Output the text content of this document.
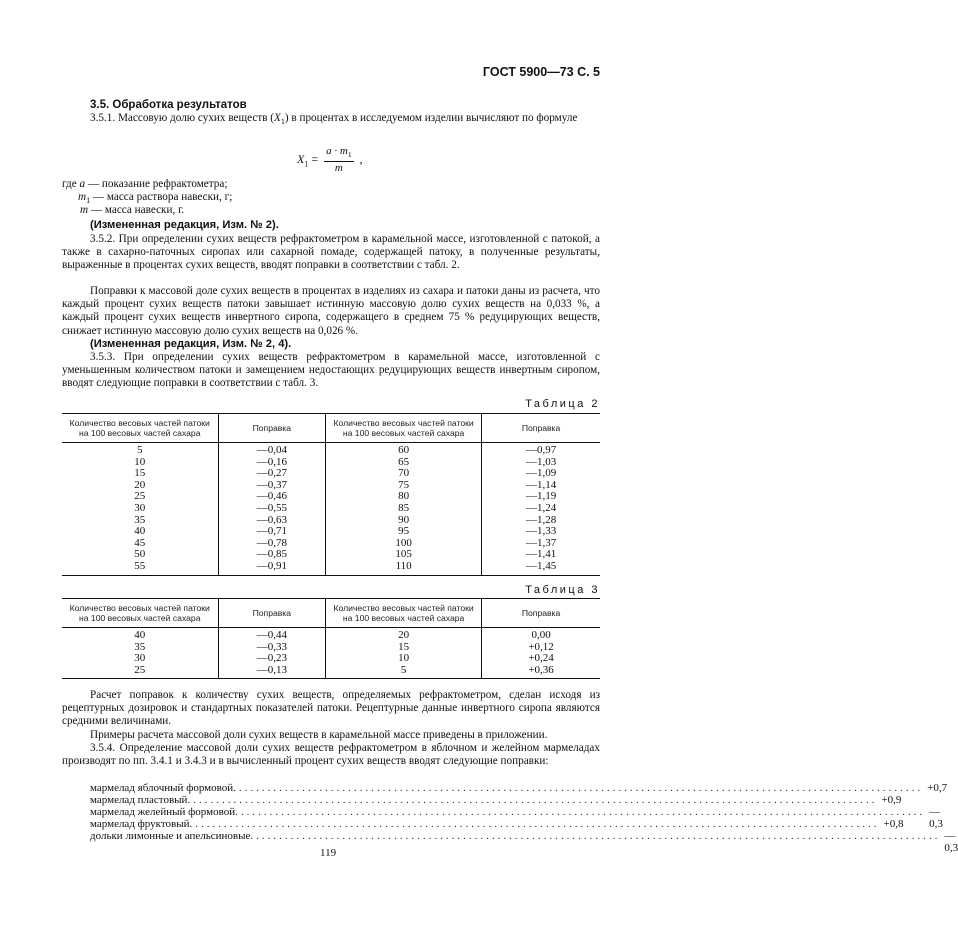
ГОСТ 5900—73 С. 5
3.5. Обработка результатов
3.5.1. Массовую долю сухих веществ $(X_1)$ в процентах в исследуемом изделии вычисляют по формуле
$X_1 = \frac{a \cdot m_1}{m}$ ,
где a — показание рефрактометра;
$m_1$ — масса раствора навески, г;
m — масса навески, г.
(Измененная редакция, Изм. № 2).
3.5.2. При определении сухих веществ рефрактометром в карамельной массе, изготовленной с патокой, а также в сахарно-паточных сиропах или сахарной помаде, содержащей патоку, в полученные результаты, выраженные в процентах сухих веществ, вводят поправки в соответствии с табл. 2.
Поправки к массовой доле сухих веществ в процентах в изделиях из сахара и патоки даны из расчета, что каждый процент сухих веществ патоки завышает истинную массовую долю сухих веществ на 0,033 %, а каждый процент сухих веществ инвертного сиропа, содержащего в среднем 75 % редуцирующих веществ, снижает истинную массовую долю сухих веществ на 0,026 %.
(Измененная редакция, Изм. № 2, 4).
3.5.3. При определении сухих веществ рефрактометром в карамельной массе, изготовленной с уменьшенным количеством патоки и замещением недостающих редуцирующих веществ инвертным сиропом, вводят следующие поправки в соответствии с табл. 3.
Таблица 2
Количество весовых частей патоки на 100 весовых частей сахара	Поправка	Количество весовых частей патоки на 100 весовых частей сахара	Поправка
5	—0,04	60	—0,97
10	—0,16	65	—1,03
15	—0,27	70	—1,09
20	—0,37	75	—1,14
25	—0,46	80	—1,19
30	—0,55	85	—1,24
35	—0,63	90	—1,28
40	—0,71	95	—1,33
45	—0,78	100	—1,37
50	—0,85	105	—1,41
55	—0,91	110	—1,45
Таблица 3
Количество весовых частей патоки на 100 весовых частей сахара	Поправка	Количество весовых частей патоки на 100 весовых частей сахара	Поправка
40	—0,44	20	0,00
35	—0,33	15	+0,12
30	—0,23	10	+0,24
25	—0,13	5	+0,36
Расчет поправок к количеству сухих веществ, определяемых рефрактометром, сделан исходя из рецептурных дозировок и стандартных показателей патоки. Рецептурные данные инвертного сиропа являются средними величинами.
Примеры расчета массовой доли сухих веществ в карамельной массе приведены в приложении.
3.5.4. Определение массовой доли сухих веществ рефрактометром в яблочном и желейном мармеладах производят по пп. 3.4.1 и 3.4.3 и в вычисленный процент сухих веществ вводят следующие поправки:
мармелад яблочный формовой ........................................................................................................................ +0,7
мармелад пластовый ........................................................................................................................ +0,9
мармелад желейный формовой ........................................................................................................................ —0,3
мармелад фруктовый ........................................................................................................................ +0,8
дольки лимонные и апельсиновые ........................................................................................................................ —0,3
119
